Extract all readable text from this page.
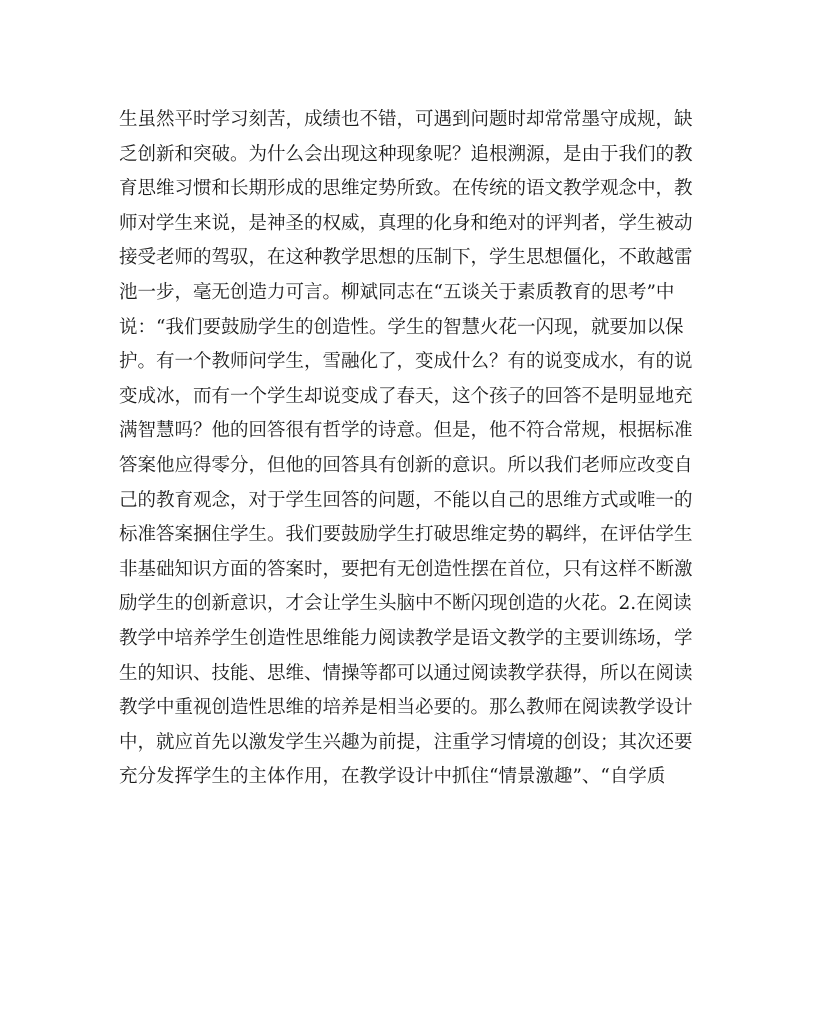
生虽然平时学习刻苦，成绩也不错，可遇到问题时却常常墨守成规，缺
乏创新和突破。为什么会出现这种现象呢？追根溯源，是由于我们的教
育思维习惯和长期形成的思维定势所致。在传统的语文教学观念中，教
师对学生来说，是神圣的权威，真理的化身和绝对的评判者，学生被动
接受老师的驾驭，在这种教学思想的压制下，学生思想僵化，不敢越雷
池一步，毫无创造力可言。柳斌同志在“五谈关于素质教育的思考”中
说：“我们要鼓励学生的创造性。学生的智慧火花一闪现，就要加以保
护。有一个教师问学生，雪融化了，变成什么？有的说变成水，有的说
变成冰，而有一个学生却说变成了春天，这个孩子的回答不是明显地充
满智慧吗？他的回答很有哲学的诗意。但是，他不符合常规，根据标准
答案他应得零分，但他的回答具有创新的意识。所以我们老师应改变自
己的教育观念，对于学生回答的问题，不能以自己的思维方式或唯一的
标准答案捆住学生。我们要鼓励学生打破思维定势的羁绊，在评估学生
非基础知识方面的答案时，要把有无创造性摆在首位，只有这样不断激
励学生的创新意识，才会让学生头脑中不断闪现创造的火花。2.在阅读
教学中培养学生创造性思维能力阅读教学是语文教学的主要训练场，学
生的知识、技能、思维、情操等都可以通过阅读教学获得，所以在阅读
教学中重视创造性思维的培养是相当必要的。那么教师在阅读教学设计
中，就应首先以激发学生兴趣为前提，注重学习情境的创设；其次还要
充分发挥学生的主体作用，在教学设计中抓住“情景激趣”、“自学质
